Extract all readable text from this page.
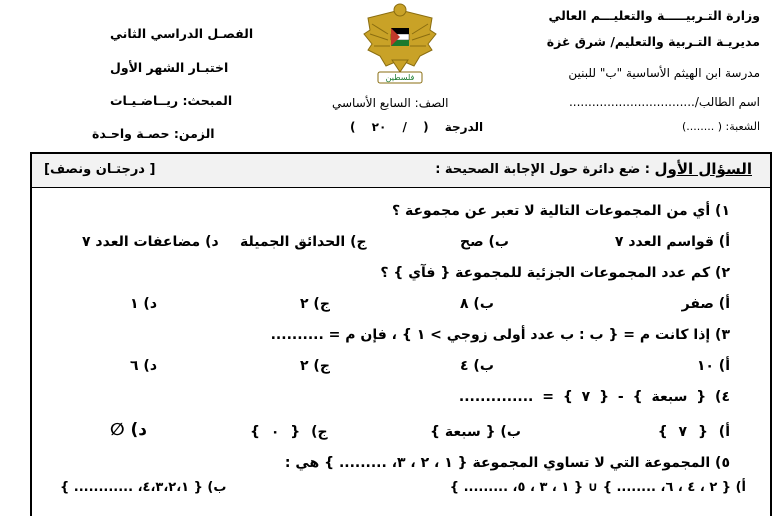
وزارة التـربيـــــة والتعليـــم العالي
مديريـة التـربية والتعليم/ شرق غزة
مدرسة ابن الهيثم الأساسية "ب" للبنين
اسم الطالب/.................................
الشعبة: ( ........)
فلسطين
الصف: السابع الأساسي
الدرجة ( / ٢٠ )
الفصـل الدراسي الثاني
اختبـار الشهر الأول
المبحث: ريــاضـيـات
الزمن: حصـة واحـدة
السؤال الأول
: ضع دائرة حول الإجابة الصحيحة :
[ درجتـان ونصف]
١) أي من المجموعات التالية لا تعبر عن مجموعة ؟
أ) قواسم العدد ٧
ب) صح
ج) الحدائق الجميلة
د) مضاعفات العدد ٧
٢) كم عدد المجموعات الجزئية للمجموعة { فآي } ؟
أ) صفر
ب) ٨
ج) ٢
د) ١
٣) إذا كانت م = { ب : ب عدد أولى زوجي > ١ } ، فإن م = ..........
أ) ١٠
ب) ٤
ج) ٢
د) ٦
٤) { سبعة } - { ٧ } = ..............
أ) { ٧ }
ب) { سبعة }
ج) { ٠ }
د) ∅
٥) المجموعة التي لا تساوي المجموعة { ١ ، ٢ ، ٣، ......... } هي :
أ) { ٢ ، ٤ ، ٦، ........ } ∪ { ١ ، ٣ ، ٥، ......... }
ب) { ٤،٣،٢،١، ............ }
